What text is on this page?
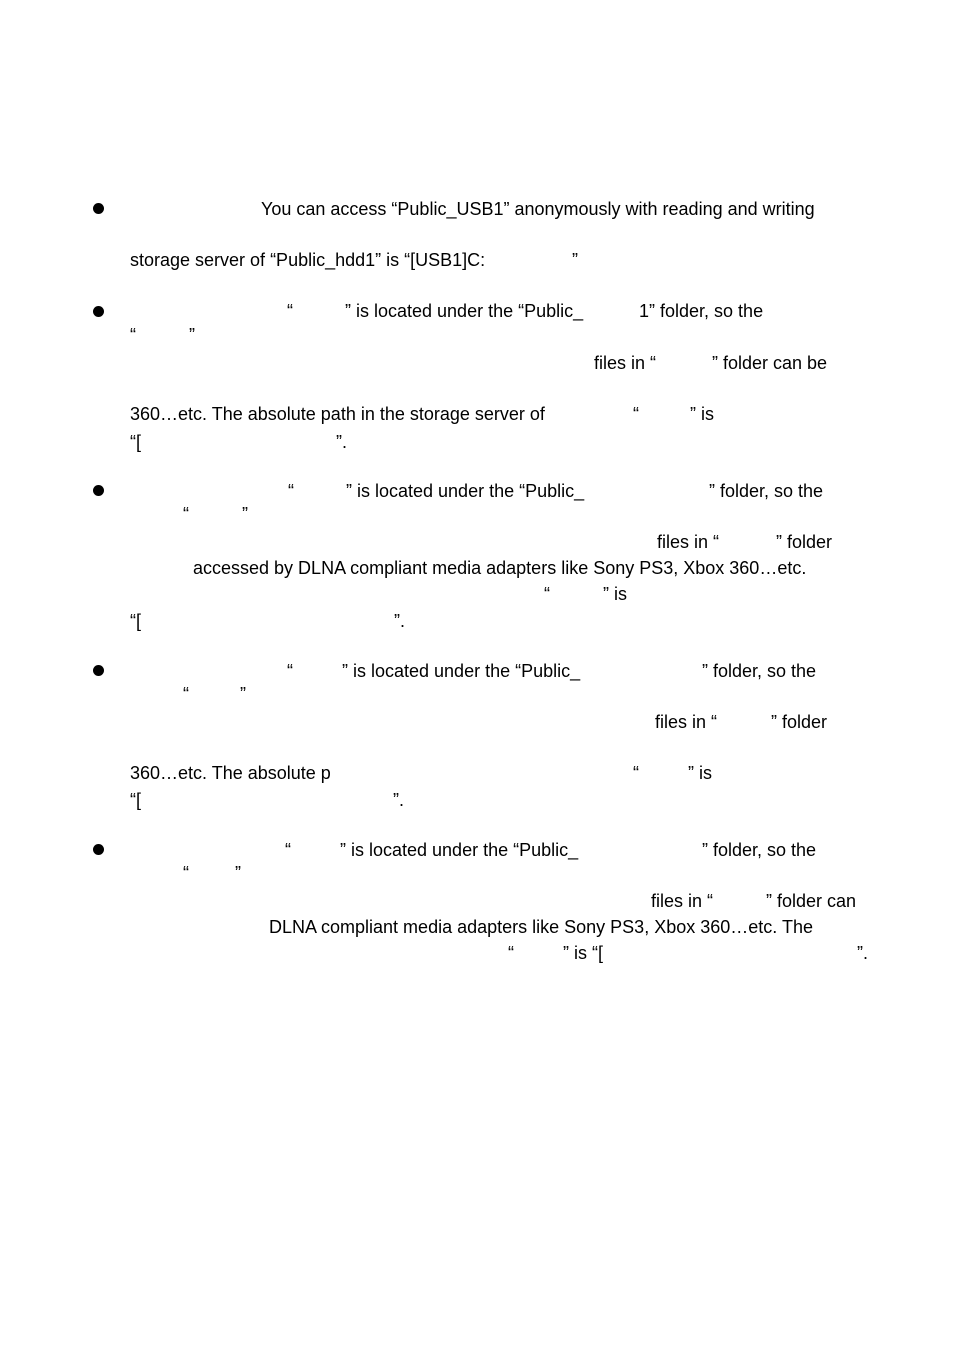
You can access “Public_USB1” anonymously with reading and writing
storage server of “Public_hdd1” is “[USB1]C:	”
“	” is located under the “Public_	1” folder, so the
“	”
files in “	” folder can be
360…etc. The absolute path in the storage server of	“	” is
“[	”.
“	” is located under the “Public_	” folder, so the
“	”
files in “	” folder
accessed by DLNA compliant media adapters like Sony PS3, Xbox 360…etc.
“	” is
“[	”.
“	” is located under the “Public_	” folder, so the
“	”
files in “	” folder
360…etc. The absolute p	“	” is
“[	”.
“	” is located under the “Public_	” folder, so the
“	”
files in “	” folder can
DLNA compliant media adapters like Sony PS3, Xbox 360…etc. The
“	” is “[	”.
